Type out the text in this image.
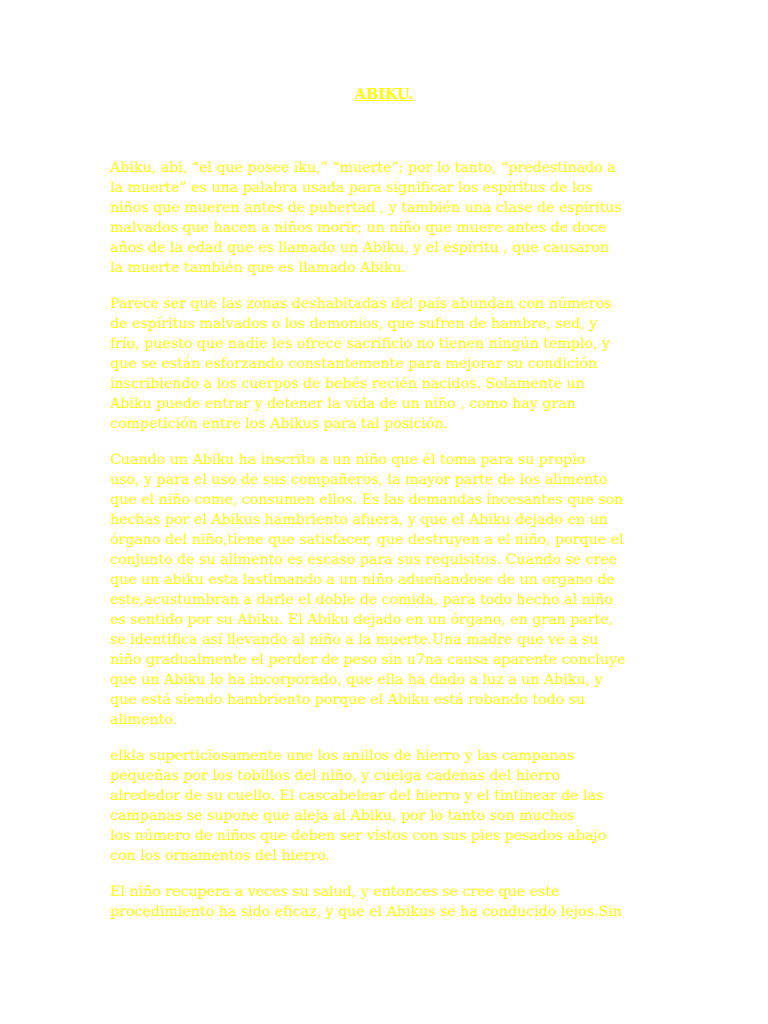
ABIKU.

Abiku, abi, “el que posee iku,” “muerte”; por lo tanto, “predestinado a
la muerte” es una palabra usada para significar los espíritus de los
niños que mueren antes de pubertad , y también una clase de espíritus
malvados que hacen a niños morir; un niño que muere antes de doce
años de la edad que es llamado un Abiku, y el espíritu , que causaron
la muerte también que es llamado Abiku.

Parece ser que las zonas deshabitadas del país abundan con números
de espíritus malvados o los demonios, que sufren de hambre, sed, y
frío, puesto que nadie les ofrece sacrificio no tienen ningún templo, y
que se están esforzando constantemente para mejorar su condición
inscribiendo a los cuerpos de bebés recién nacidos. Solamente un
Abiku puede entrar y detener la vida de un niño , como hay gran
competición entre los Abikus para tal posición.

Cuando un Abiku ha inscrito a un niño que él toma para su propio
uso, y para el uso de sus compañeros, la mayor parte de los alimento
que el niño come, consumen ellos. Es las demandas incesantes que son
hechas por el Abikus hambriento afuera, y que el Abiku dejado en un
órgano del niño,tiene que satisfacer, que destruyen a el niño, porque el
conjunto de su alimento es escaso para sus requisitos. Cuando se cree
que un abiku esta lastimando a un niño adueñandose de un organo de
este,acustumbran a darle el doble de comida, para todo hecho al niño
es sentido por su Abiku. El Abiku dejado en un órgano, en gran parte,
se identifica así llevando al niño a la muerte.Una madre que ve a su
niño gradualmente el perder de peso sin u7na causa aparente concluye
que un Abiku lo ha incorporado, que ella ha dado a luz a un Abiku, y
que está siendo hambriento porque el Abiku está robando todo su
alimento.

elkla superticiosamente une los anillos de hierro y las campanas
pequeñas por los tobillos del niño, y cuelga cadenas del hierro
alrededor de su cuello. El cascabelear del hierro y el tintinear de las
campanas se supone que aleja al Abiku, por lo tanto son muchos
los número de niños que deben ser vistos con sus pies pesados abajo
con los ornamentos del hierro.

El niño recupera a veces su salud, y entonces se cree que este
procedimiento ha sido eficaz, y que el Abikus se ha conducido lejos.Sin
